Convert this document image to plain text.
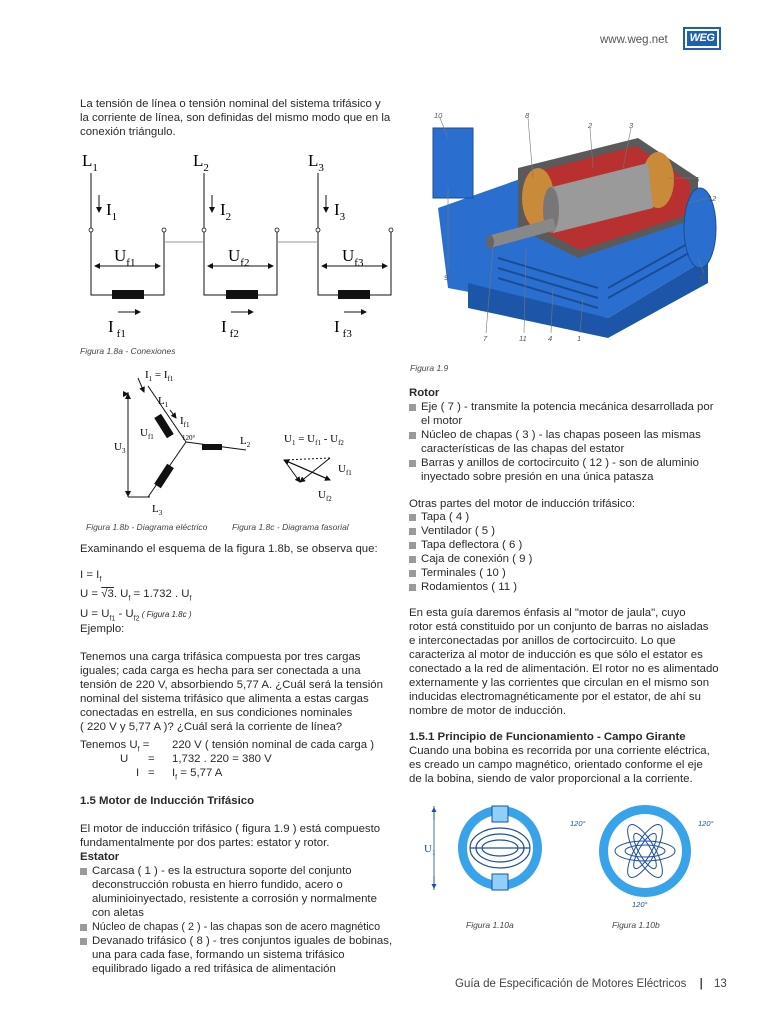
www.weg.net	WEG
La tensión de línea o tensión nominal del sistema trifásico y
la corriente de línea, son definidas del mismo modo que en la
conexión triángulo.
$L_1$	$L_2$	$L_3$
$I_1$	$I_2$	$I_3$
$U_{f1}$	$U_{f2}$	$U_{f3}$
I $_{f1}$	I $_{f2}$	I $_{f3}$
Figura 1.8a - Conexiones
$I_1 = I_{f1}$
$U_3$
$L_1$
$I_{f1}$
$U_{f1}$	120°	$L_2$
$L_3$
$U_1 = U_{f1} - U_{f2}$
$U_{f1}$
$U_{f2}$
Figura 1.8b - Diagrama eléctrico	Figura 1.8c - Diagrama fasorial
Examinando el esquema de la figura 1.8b, se observa que:
$I = I_f$
U = √3. $U_f = 1.732$ . $U_f$
$U = U_{f1} - U_{f2}$ ( Figura 1.8c )
Ejemplo:
Tenemos una carga trifásica compuesta por tres cargas
iguales; cada carga es hecha para ser conectada a una
tensión de 220 V, absorbiendo 5,77 A. ¿Cuál será la tensión
nominal del sistema trifásico que alimenta a estas cargas
conectadas en estrella, en sus condiciones nominales
( 220 V y 5,77 A )? ¿Cuál será la corriente de línea?
Tenemos $U_f = 220$ V ( tensión nominal de cada carga )
U = 1,732 . 220 = 380 V
$I = I_f = 5,77$ A
1.5 Motor de Inducción Trifásico
El motor de inducción trifásico ( figura 1.9 ) está compuesto
fundamentalmente por dos partes: estator y rotor.
Estator
Carcasa ( 1 ) - es la estructura soporte del conjunto
deconstrucción robusta en hierro fundido, acero o
aluminioinyectado, resistente a corrosión y normalmente
con aletas
Núcleo de chapas ( 2 ) - las chapas son de acero magnético
Devanado trifásico ( 8 ) - tres conjuntos iguales de bobinas,
una para cada fase, formando un sistema trifásico
equilibrado ligado a red trifásica de alimentación
10	8
2	3
5
12
6
9
7	11	4	1
Figura 1.9
Rotor
Eje ( 7 ) - transmite la potencia mecánica desarrollada por
el motor
Núcleo de chapas ( 3 ) - las chapas poseen las mismas
características de las chapas del estator
Barras y anillos de cortocircuito ( 12 ) - son de aluminio
inyectado sobre presión en una única patasza
Otras partes del motor de inducción trifásico:
Tapa ( 4 )
Ventilador ( 5 )
Tapa deflectora ( 6 )
Caja de conexión ( 9 )
Terminales ( 10 )
Rodamientos ( 11 )
En esta guía daremos énfasis al "motor de jaula", cuyo
rotor está constituido por un conjunto de barras no aisladas
e interconectadas por anillos de cortocircuito. Lo que
caracteriza al motor de inducción es que sólo el estator es
conectado a la red de alimentación. El rotor no es alimentado
externamente y las corrientes que circulan en el mismo son
inducidas electromagnéticamente por el estator, de ahí su
nombre de motor de inducción.
1.5.1 Principio de Funcionamiento - Campo Girante
Cuando una bobina es recorrida por una corriente eléctrica,
es creado un campo magnético, orientado conforme el eje
de la bobina, siendo de valor proporcional a la corriente.
$U_1$
120°	120°
120°
Figura 1.10a	Figura 1.10b
Guía de Especificación de Motores Eléctricos | 13
